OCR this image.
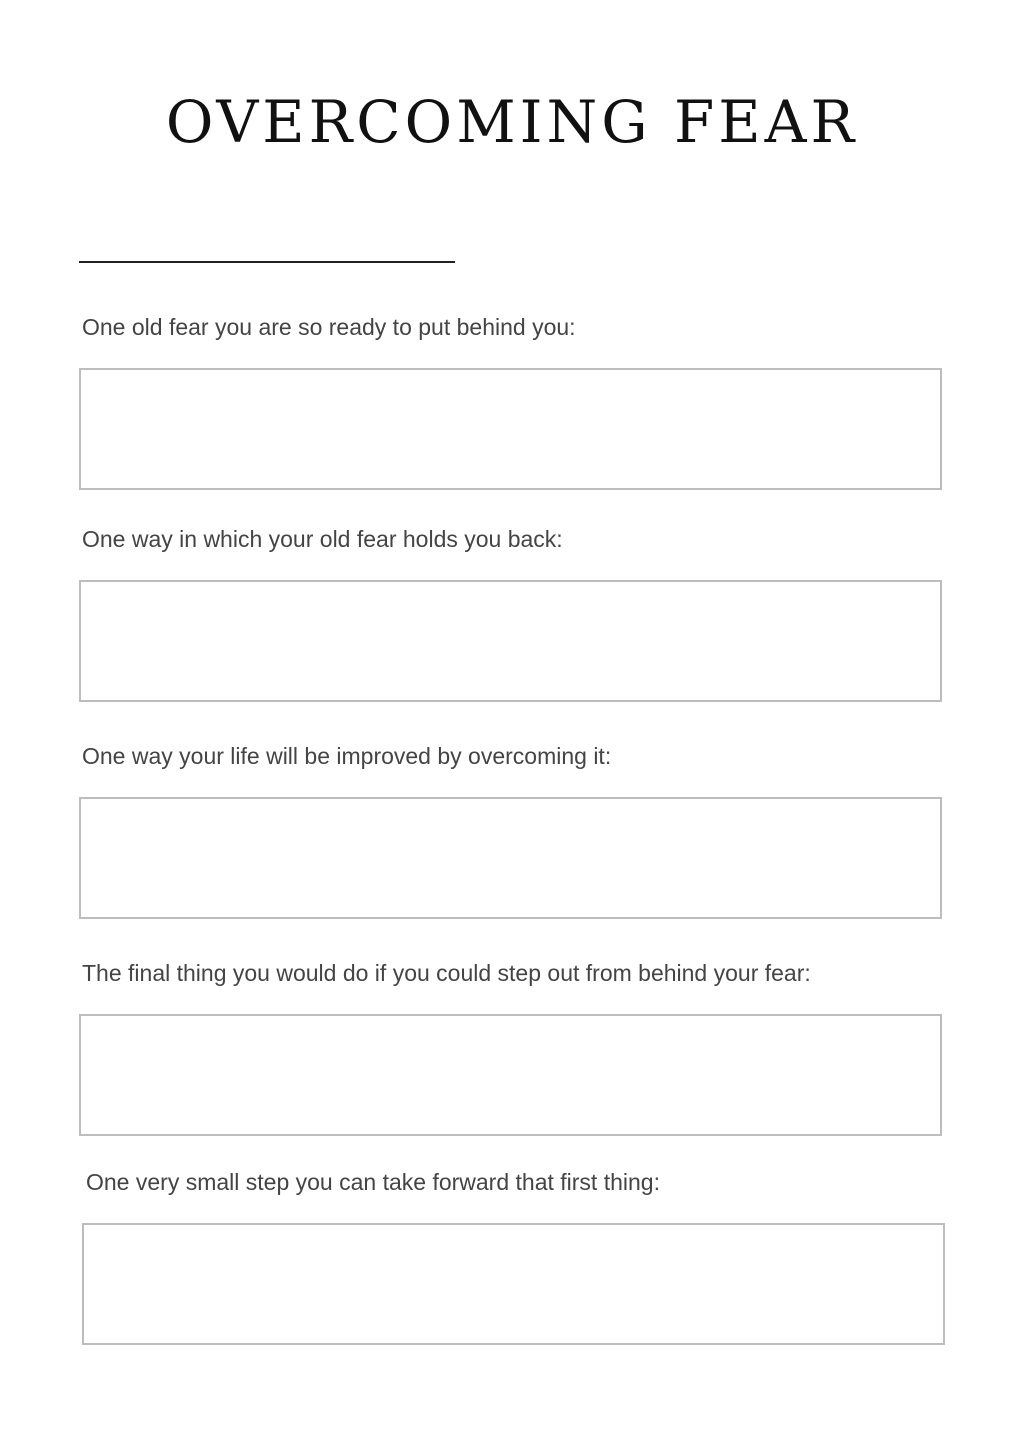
OVERCOMING FEAR
One old fear you are so ready to put behind you:
One way in which your old fear holds you back:
One way your life will be improved by overcoming it:
The final thing you would do if you could step out from behind your fear:
One very small step you can take forward that first thing:
